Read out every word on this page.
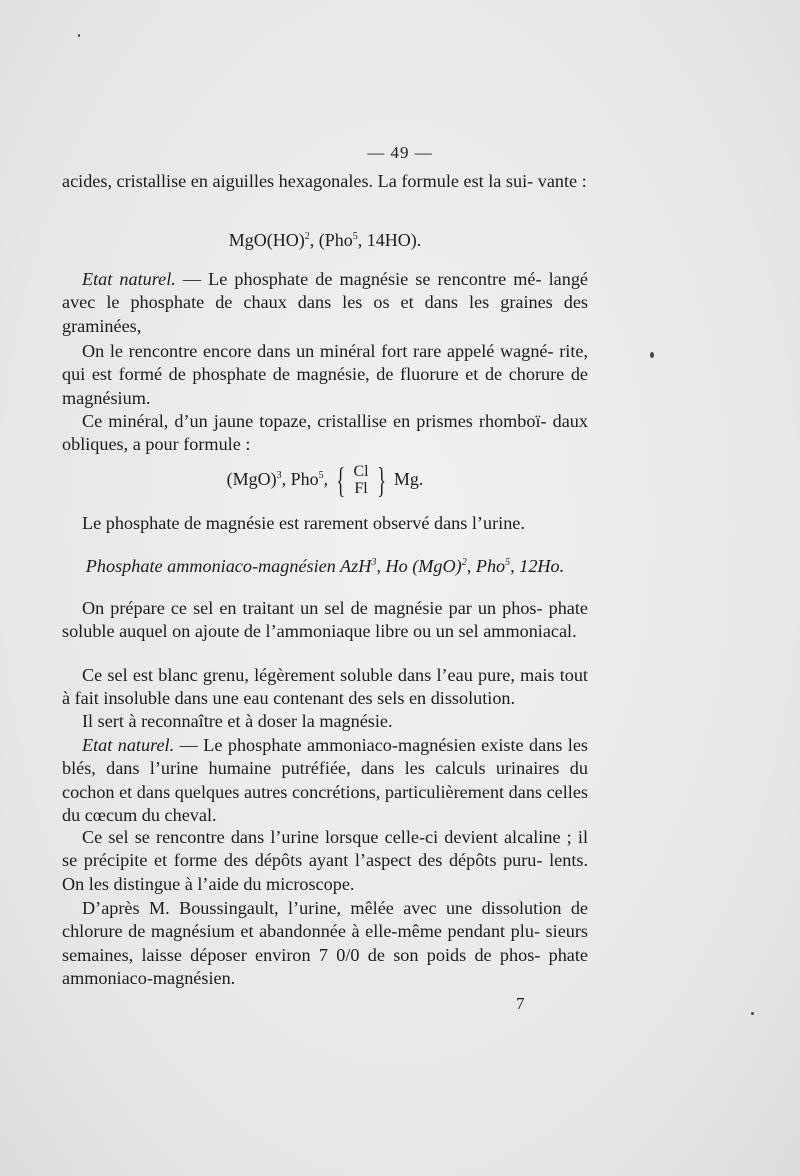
— 49 —

acides, cristallise en aiguilles hexagonales. La formule est la sui- vante :

MgO(HO)$^2$, (Pho$^5$, 14HO).

Etat naturel. — Le phosphate de magnésie se rencontre mé- langé avec le phosphate de chaux dans les os et dans les graines des graminées,

On le rencontre encore dans un minéral fort rare appelé wagné- rite, qui est formé de phosphate de magnésie, de fluorure et de chorure de magnésium.

Ce minéral, d’un jaune topaze, cristallise en prismes rhomboï- daux obliques, a pour formule :

(MgO)$^3$, Pho$^5$, { Cl
Fl } Mg.

Le phosphate de magnésie est rarement observé dans l’urine.

Phosphate ammoniaco-magnésien AzH$^3$, Ho (MgO)$^2$, Pho$^5$, 12Ho.

On prépare ce sel en traitant un sel de magnésie par un phos- phate soluble auquel on ajoute de l’ammoniaque libre ou un sel ammoniacal.

Ce sel est blanc grenu, légèrement soluble dans l’eau pure, mais tout à fait insoluble dans une eau contenant des sels en dissolution.

Il sert à reconnaître et à doser la magnésie.

Etat naturel. — Le phosphate ammoniaco-magnésien existe dans les blés, dans l’urine humaine putréfiée, dans les calculs urinaires du cochon et dans quelques autres concrétions, particulièrement dans celles du cœcum du cheval.

Ce sel se rencontre dans l’urine lorsque celle-ci devient alcaline ; il se précipite et forme des dépôts ayant l’aspect des dépôts puru- lents. On les distingue à l’aide du microscope.

D’après M. Boussingault, l’urine, mêlée avec une dissolution de chlorure de magnésium et abandonnée à elle-même pendant plu- sieurs semaines, laisse déposer environ 7 0/0 de son poids de phos- phate ammoniaco-magnésien.

7
